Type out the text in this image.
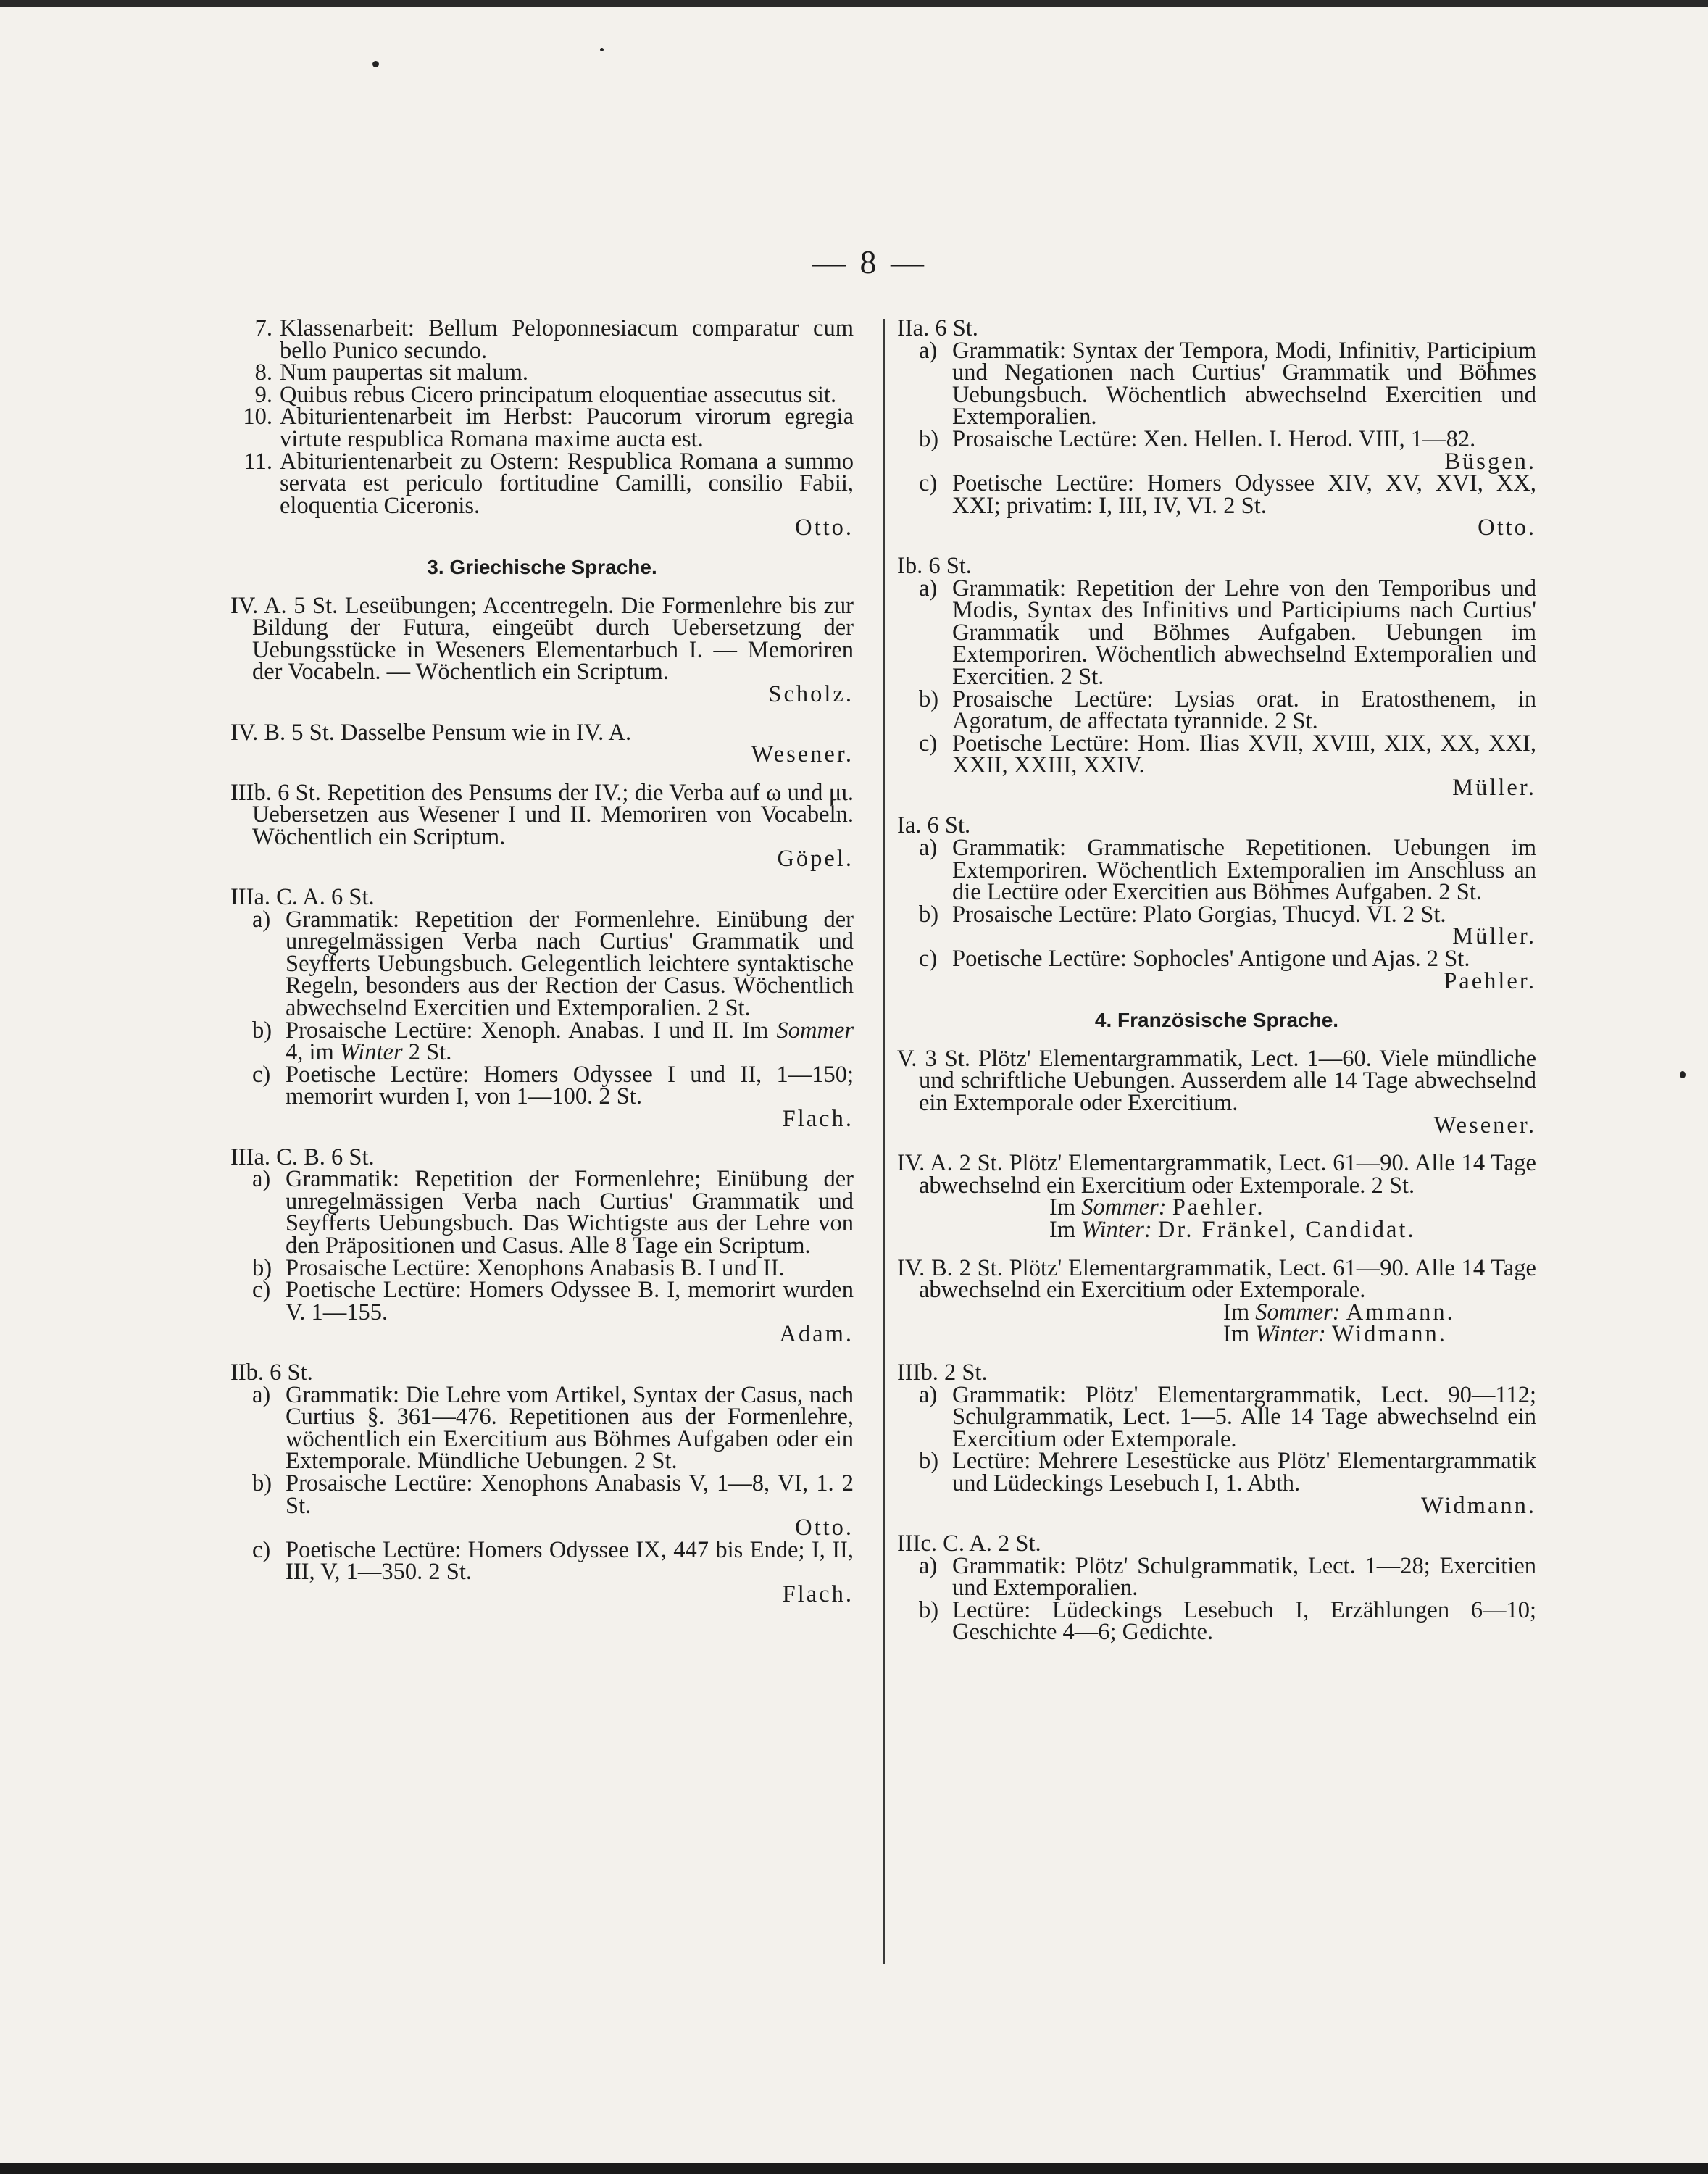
— 8 —
7. Klassenarbeit: Bellum Peloponnesiacum comparatur cum bello Punico secundo.
8. Num paupertas sit malum.
9. Quibus rebus Cicero principatum eloquentiae assecutus sit.
10. Abiturientenarbeit im Herbst: Paucorum virorum egregia virtute respublica Romana maxime aucta est.
11. Abiturientenarbeit zu Ostern: Respublica Romana a summo servata est periculo fortitudine Camilli, consilio Fabii, eloquentia Ciceronis.
Otto.
3. Griechische Sprache.

IV. A. 5 St. Leseübungen; Accentregeln. Die Formenlehre bis zur Bildung der Futura, eingeübt durch Uebersetzung der Uebungsstücke in Weseners Elementarbuch I. — Memoriren der Vocabeln. — Wöchentlich ein Scriptum.

Scholz.

IV. B. 5 St. Dasselbe Pensum wie in IV. A.

Wesener.

IIIb. 6 St. Repetition des Pensums der IV.; die Verba auf ω und μι. Uebersetzen aus Wesener I und II. Memoriren von Vocabeln. Wöchentlich ein Scriptum.

Göpel.
IIIa. C. A. 6 St.
a) Grammatik: Repetition der Formenlehre. Einübung der unregelmässigen Verba nach Curtius' Grammatik und Seyfferts Uebungsbuch. Gelegentlich leichtere syntaktische Regeln, besonders aus der Rection der Casus. Wöchentlich abwechselnd Exercitien und Extemporalien. 2 St.
b) Prosaische Lectüre: Xenoph. Anabas. I und II. Im Sommer 4, im Winter 2 St.
c) Poetische Lectüre: Homers Odyssee I und II, 1—150; memorirt wurden I, von 1—100. 2 St.
Flach.
IIIa. C. B. 6 St.
a) Grammatik: Repetition der Formenlehre; Einübung der unregelmässigen Verba nach Curtius' Grammatik und Seyfferts Uebungsbuch. Das Wichtigste aus der Lehre von den Präpositionen und Casus. Alle 8 Tage ein Scriptum.
b) Prosaische Lectüre: Xenophons Anabasis B. I und II.
c) Poetische Lectüre: Homers Odyssee B. I, memorirt wurden V. 1—155.
Adam.
IIb. 6 St.
a) Grammatik: Die Lehre vom Artikel, Syntax der Casus, nach Curtius §. 361—476. Repetitionen aus der Formenlehre, wöchentlich ein Exercitium aus Böhmes Aufgaben oder ein Extemporale. Mündliche Uebungen. 2 St.
b) Prosaische Lectüre: Xenophons Anabasis V, 1—8, VI, 1. 2 St.
Otto.
c) Poetische Lectüre: Homers Odyssee IX, 447 bis Ende; I, II, III, V, 1—350. 2 St.
Flach.
IIa. 6 St.
a) Grammatik: Syntax der Tempora, Modi, Infinitiv, Participium und Negationen nach Curtius' Grammatik und Böhmes Uebungsbuch. Wöchentlich abwechselnd Exercitien und Extemporalien.
b) Prosaische Lectüre: Xen. Hellen. I. Herod. VIII, 1—82.
Büsgen.
c) Poetische Lectüre: Homers Odyssee XIV, XV, XVI, XX, XXI; privatim: I, III, IV, VI. 2 St.
Otto.
Ib. 6 St.
a) Grammatik: Repetition der Lehre von den Temporibus und Modis, Syntax des Infinitivs und Participiums nach Curtius' Grammatik und Böhmes Aufgaben. Uebungen im Extemporiren. Wöchentlich abwechselnd Extemporalien und Exercitien. 2 St.
b) Prosaische Lectüre: Lysias orat. in Eratosthenem, in Agoratum, de affectata tyrannide. 2 St.
c) Poetische Lectüre: Hom. Ilias XVII, XVIII, XIX, XX, XXI, XXII, XXIII, XXIV.
Müller.
Ia. 6 St.
a) Grammatik: Grammatische Repetitionen. Uebungen im Extemporiren. Wöchentlich Extemporalien im Anschluss an die Lectüre oder Exercitien aus Böhmes Aufgaben. 2 St.
b) Prosaische Lectüre: Plato Gorgias, Thucyd. VI. 2 St.
Müller.
c) Poetische Lectüre: Sophocles' Antigone und Ajas. 2 St.
Paehler.
4. Französische Sprache.

V. 3 St. Plötz' Elementargrammatik, Lect. 1—60. Viele mündliche und schriftliche Uebungen. Ausserdem alle 14 Tage abwechselnd ein Extemporale oder Exercitium.

Wesener.

IV. A. 2 St. Plötz' Elementargrammatik, Lect. 61—90. Alle 14 Tage abwechselnd ein Exercitium oder Extemporale. 2 St.

Im Sommer: Paehler.
Im Winter: Dr. Fränkel, Candidat.

IV. B. 2 St. Plötz' Elementargrammatik, Lect. 61—90. Alle 14 Tage abwechselnd ein Exercitium oder Extemporale.

Im Sommer: Ammann.
Im Winter: Widmann.
IIIb. 2 St.
a) Grammatik: Plötz' Elementargrammatik, Lect. 90—112; Schulgrammatik, Lect. 1—5. Alle 14 Tage abwechselnd ein Exercitium oder Extemporale.
b) Lectüre: Mehrere Lesestücke aus Plötz' Elementargrammatik und Lüdeckings Lesebuch I, 1. Abth.
Widmann.
IIIc. C. A. 2 St.
a) Grammatik: Plötz' Schulgrammatik, Lect. 1—28; Exercitien und Extemporalien.
b) Lectüre: Lüdeckings Lesebuch I, Erzählungen 6—10; Geschichte 4—6; Gedichte.
